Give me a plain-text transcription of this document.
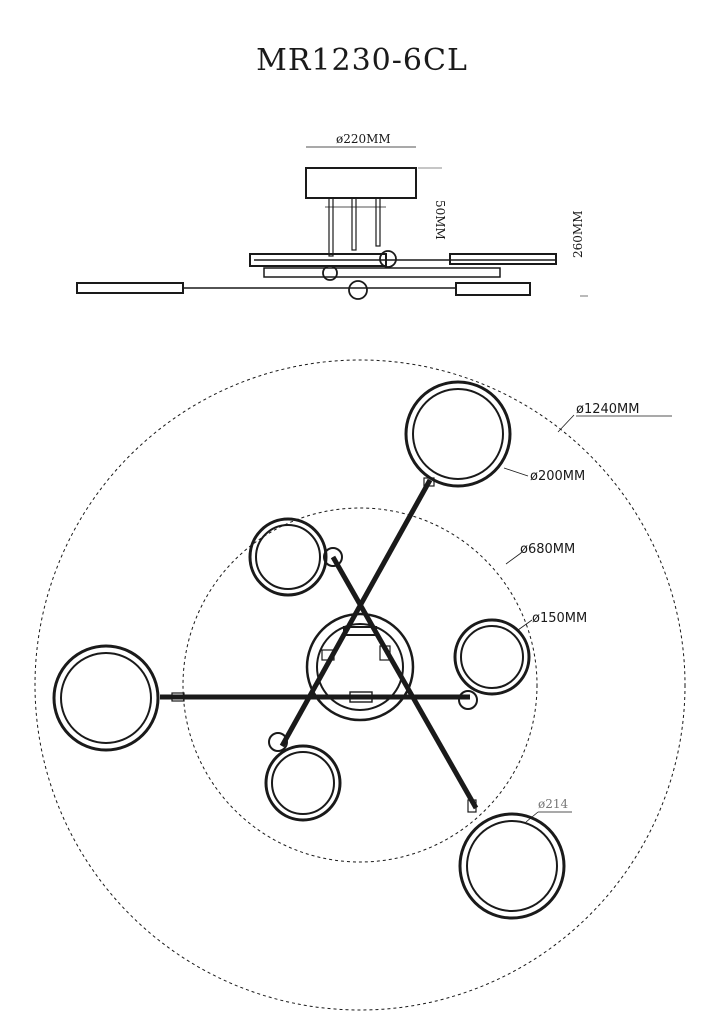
MR1230-6CL
ø220MM
50MM	260MM
ø1240MM
ø200MM
ø680MM
ø150MM
ø214
